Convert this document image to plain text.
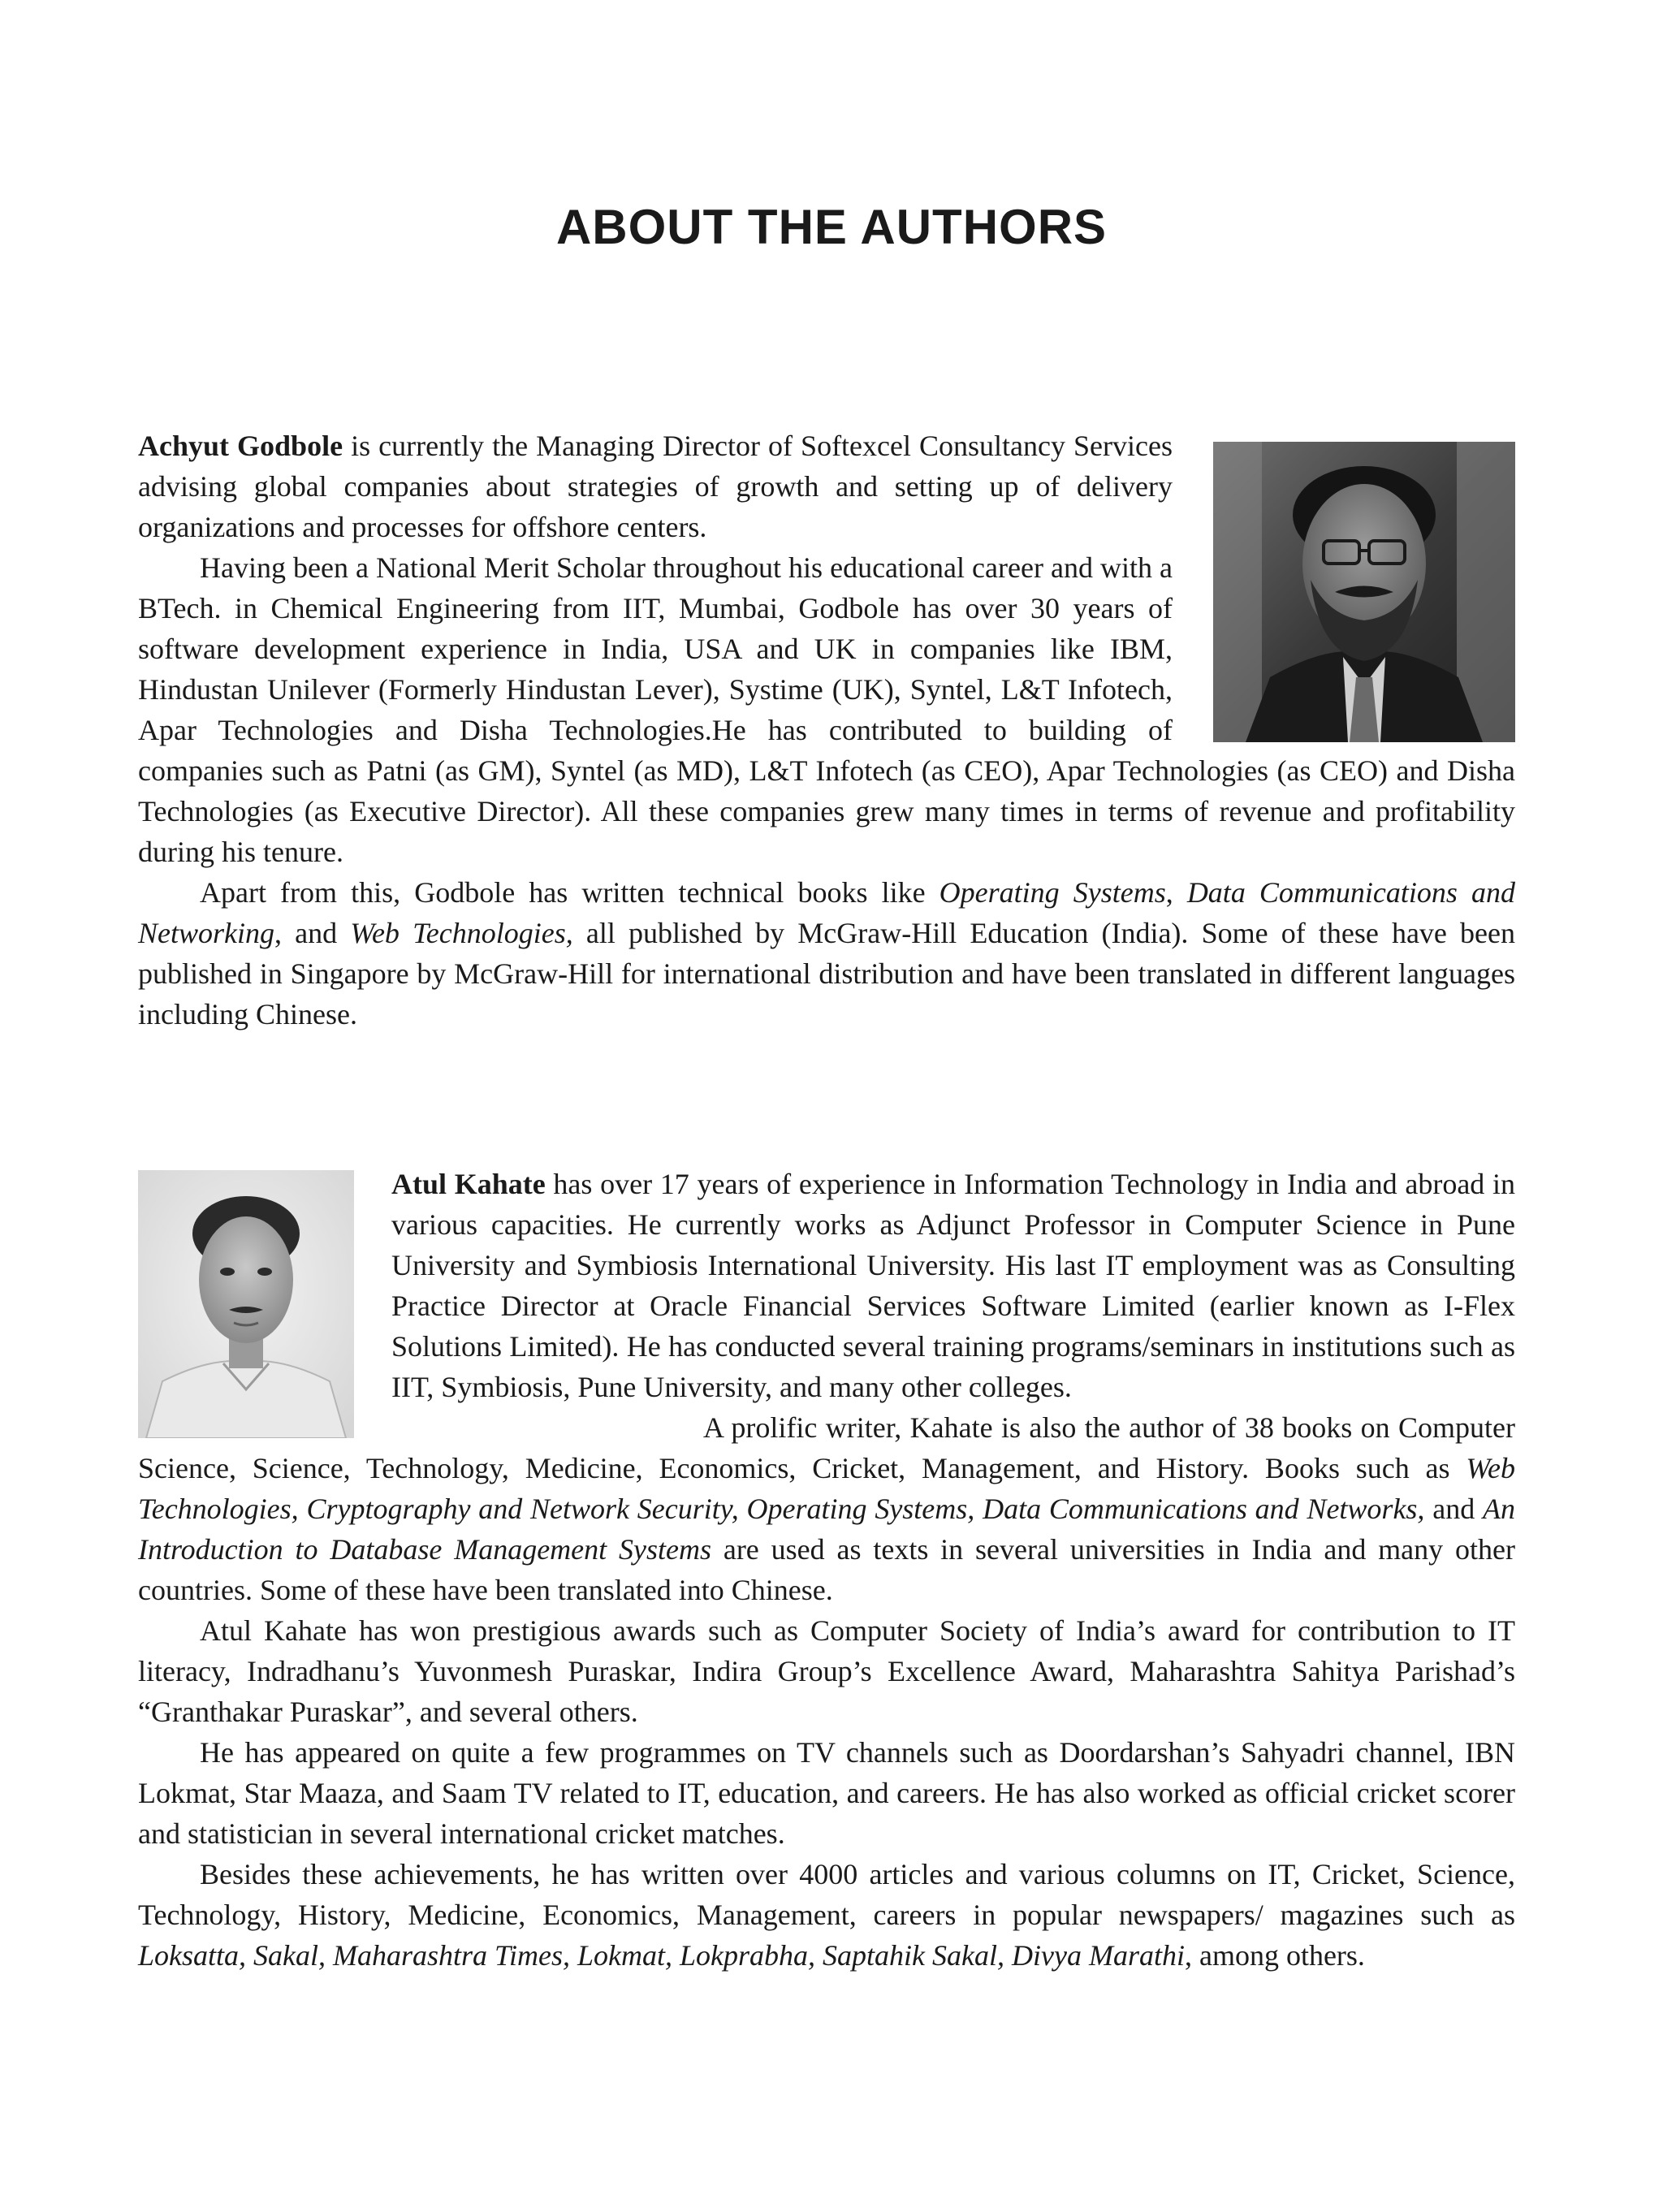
ABOUT THE AUTHORS

Achyut Godbole is currently the Managing Director of Softexcel Consultancy Services advising global companies about strategies of growth and setting up of delivery organizations and processes for offshore centers.

Having been a National Merit Scholar throughout his educational career and with a BTech. in Chemical Engineering from IIT, Mumbai, Godbole has over 30 years of software development experience in India, USA and UK in companies like IBM, Hindustan Unilever (Formerly Hindustan Lever), Systime (UK), Syntel, L&T Infotech, Apar Technologies and Disha Technologies.He has contributed to building of companies such as Patni (as GM), Syntel (as MD), L&T Infotech (as CEO), Apar Technologies (as CEO) and Disha Technologies (as Executive Director). All these companies grew many times in terms of revenue and profitability during his tenure.

Apart from this, Godbole has written technical books like Operating Systems, Data Communications and Networking, and Web Technologies, all published by McGraw-Hill Education (India). Some of these have been published in Singapore by McGraw-Hill for international distribution and have been translated in different languages including Chinese.

Atul Kahate has over 17 years of experience in Information Technology in India and abroad in various capacities. He currently works as Adjunct Professor in Computer Science in Pune University and Symbiosis International University. His last IT employment was as Consulting Practice Director at Oracle Financial Services Software Limited (earlier known as I-Flex Solutions Limited). He has conducted several training programs/seminars in institutions such as IIT, Symbiosis, Pune University, and many other colleges.

A prolific writer, Kahate is also the author of 38 books on Computer Science, Science, Technology, Medicine, Economics, Cricket, Management, and History. Books such as Web Technologies, Cryptography and Network Security, Operating Systems, Data Communications and Networks, and An Introduction to Database Management Systems are used as texts in several universities in India and many other countries. Some of these have been translated into Chinese.

Atul Kahate has won prestigious awards such as Computer Society of India’s award for contribution to IT literacy, Indradhanu’s Yuvonmesh Puraskar, Indira Group’s Excellence Award, Maharashtra Sahitya Parishad’s “Granthakar Puraskar”, and several others.

He has appeared on quite a few programmes on TV channels such as Doordarshan’s Sahyadri channel, IBN Lokmat, Star Maaza, and Saam TV related to IT, education, and careers. He has also worked as official cricket scorer and statistician in several international cricket matches.

Besides these achievements, he has written over 4000 articles and various columns on IT, Cricket, Science, Technology, History, Medicine, Economics, Management, careers in popular newspapers/ magazines such as Loksatta, Sakal, Maharashtra Times, Lokmat, Lokprabha, Saptahik Sakal, Divya Marathi, among others.
